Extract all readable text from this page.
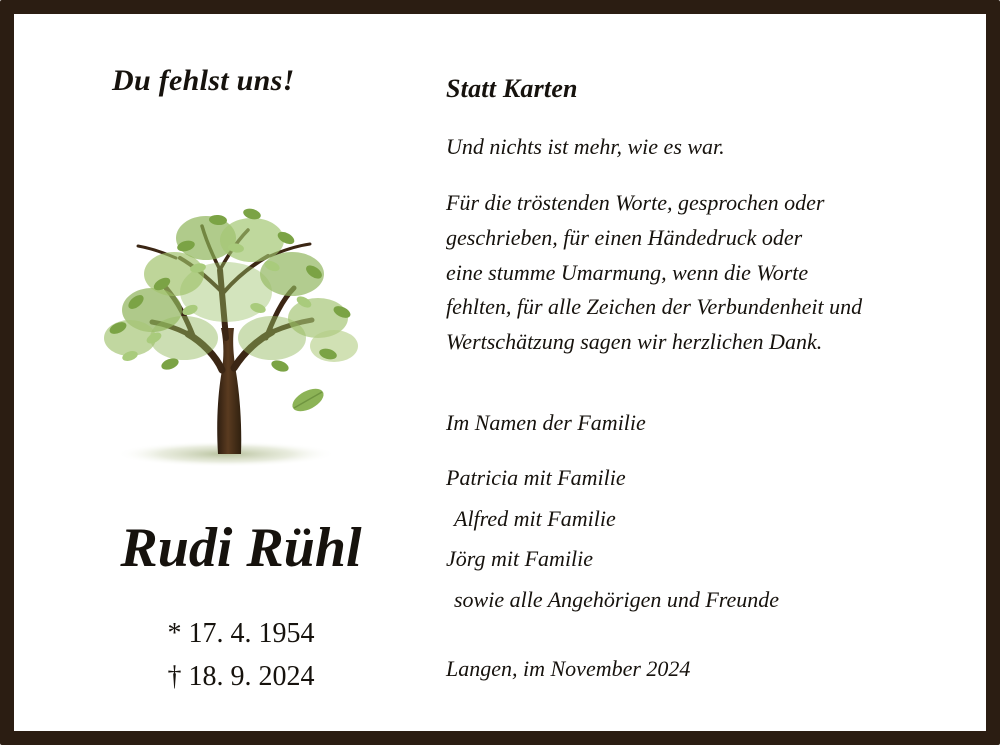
Du fehlst uns!
Rudi Rühl
* 17. 4. 1954
† 18. 9. 2024
Statt Karten
Und nichts ist mehr, wie es war.
Für die tröstenden Worte, gesprochen oder
geschrieben, für einen Händedruck oder
eine stumme Umarmung, wenn die Worte
fehlten, für alle Zeichen der Verbundenheit und
Wertschätzung sagen wir herzlichen Dank.
Im Namen der Familie
Patricia mit Familie
Alfred mit Familie
Jörg mit Familie
sowie alle Angehörigen und Freunde
Langen, im November 2024
